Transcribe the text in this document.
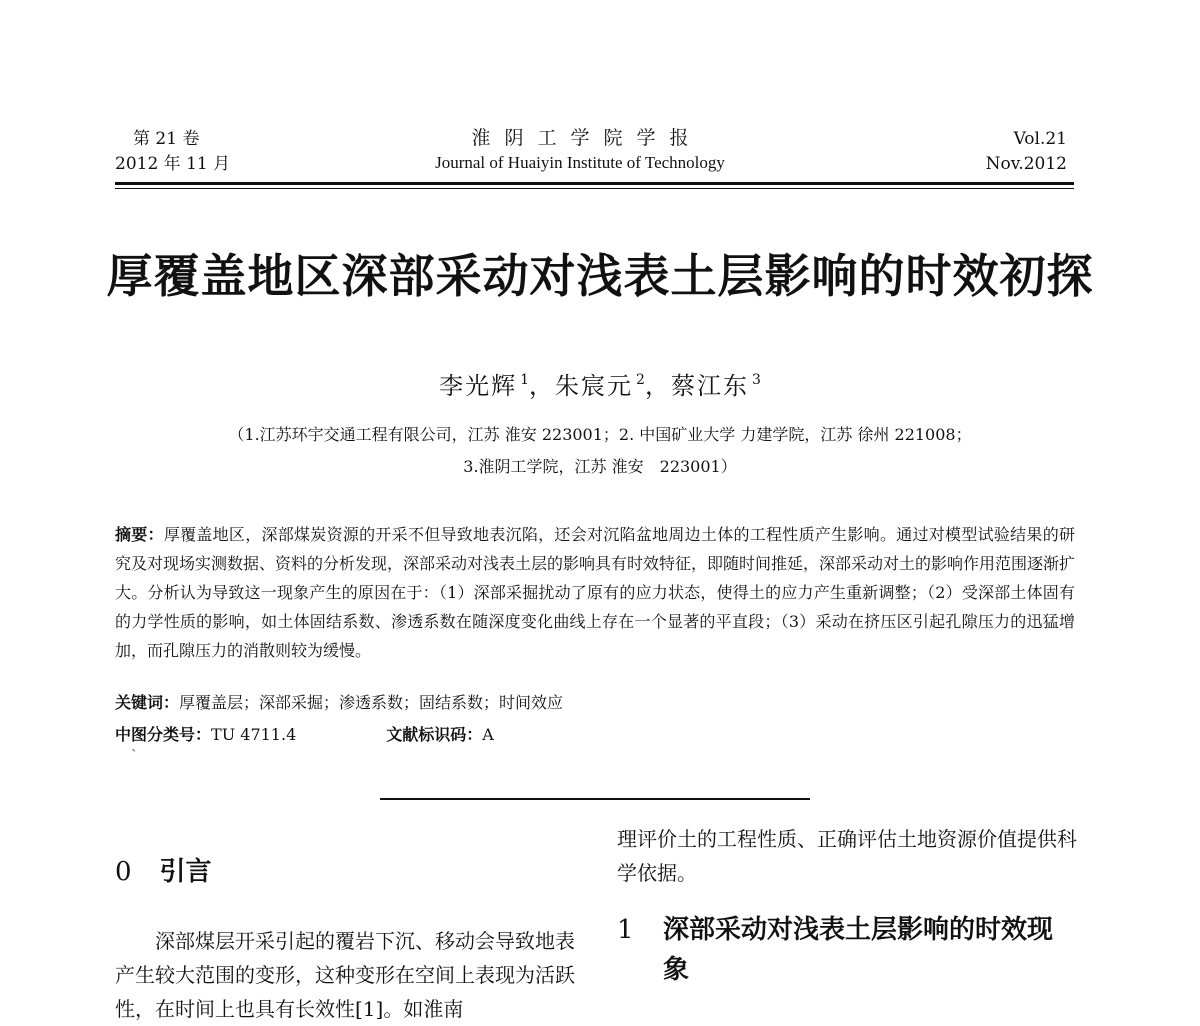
第 21 卷
2012 年 11 月
淮阴工学院学报
Journal of Huaiyin Institute of Technology
Vol.21
Nov.2012
厚覆盖地区深部采动对浅表土层影响的时效初探
李光辉 $^1$，朱宸元 $^2$，蔡江东 $^3$
（1.江苏环宇交通工程有限公司，江苏 淮安 223001；2. 中国矿业大学 力建学院，江苏 徐州 221008；
3.淮阴工学院，江苏 淮安　223001）
摘要：厚覆盖地区，深部煤炭资源的开采不但导致地表沉陷，还会对沉陷盆地周边土体的工程性质产生影响。通过对模型试验结果的研究及对现场实测数据、资料的分析发现，深部采动对浅表土层的影响具有时效特征，即随时间推延，深部采动对土的影响作用范围逐渐扩大。分析认为导致这一现象产生的原因在于：（1）深部采掘扰动了原有的应力状态，使得土的应力产生重新调整；（2）受深部土体固有的力学性质的影响，如土体固结系数、渗透系数在随深度变化曲线上存在一个显著的平直段；（3）采动在挤压区引起孔隙压力的迅猛增加，而孔隙压力的消散则较为缓慢。
关键词：厚覆盖层；深部采掘；渗透系数；固结系数；时间效应
中图分类号：TU 4711.4	文献标识码：A
`
0 引言
深部煤层开采引起的覆岩下沉、移动会导致地表产生较大范围的变形，这种变形在空间上表现为活跃性，在时间上也具有长效性[1]。如淮南
理评价土的工程性质、正确评估土地资源价值提供科学依据。
1 深部采动对浅表土层影响的时效现象
